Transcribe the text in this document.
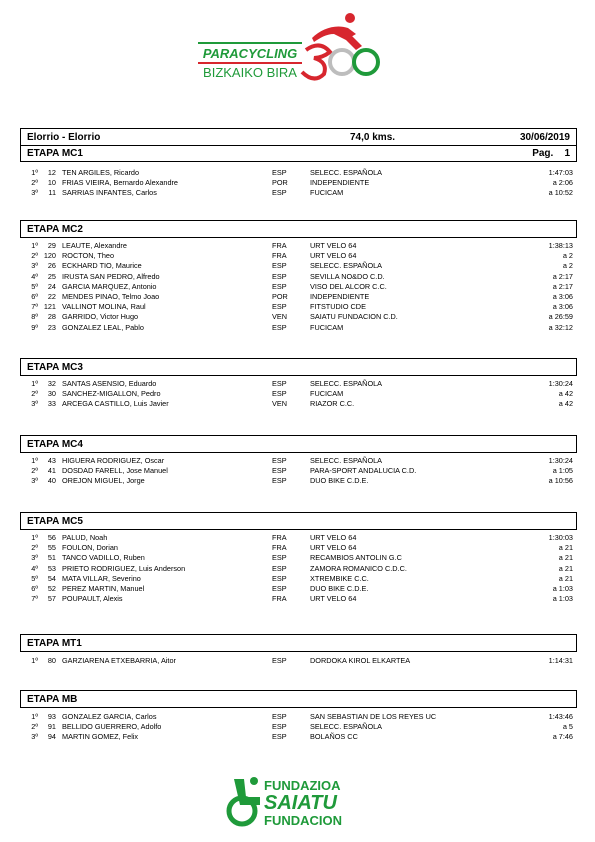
PARACYCLING
BIZKAIKO BIRA
Elorrio - Elorrio	74,0 kms.	30/06/2019
ETAPA MC1	Pag. 1
1º	12 TEN ARGILES, Ricardo	ESP	SELECC. ESPAÑOLA	1:47:03
2º	10 FRIAS VIEIRA, Bernardo Alexandre	POR	INDEPENDIENTE	a 2:06
3º	11 SARRIAS INFANTES, Carlos	ESP	FUCICAM	a 10:52
ETAPA MC2
1º	29 LEAUTE, Alexandre	FRA	URT VELO 64	1:38:13
2º 120 ROCTON, Theo	FRA	URT VELO 64	a 2
3º	26 ECKHARD TIO, Maurice	ESP	SELECC. ESPAÑOLA	a 2
4º	25 IRUSTA SAN PEDRO, Alfredo	ESP	SEVILLA NO&DO C.D.	a 2:17
5º	24 GARCIA MARQUEZ, Antonio	ESP	VISO DEL ALCOR C.C.	a 2:17
6º	22 MENDES PINAO, Telmo Joao	POR	INDEPENDIENTE	a 3:06
7º 121 VALLINOT MOLINA, Raul	ESP	FITSTUDIO CDE	a 3:06
8º	28 GARRIDO, Victor Hugo	VEN	SAIATU FUNDACION C.D.	a 26:59
9º	23 GONZALEZ LEAL, Pablo	ESP	FUCICAM	a 32:12
ETAPA MC3
1º	32 SANTAS ASENSIO, Eduardo	ESP	SELECC. ESPAÑOLA	1:30:24
2º	30 SANCHEZ-MIGALLON, Pedro	ESP	FUCICAM	a 42
3º	33 ARCEGA CASTILLO, Luis Javier	VEN	RIAZOR C.C.	a 42
ETAPA MC4
1º	43 HIGUERA RODRIGUEZ, Oscar	ESP	SELECC. ESPAÑOLA	1:30:24
2º	41 DOSDAD FARELL, Jose Manuel	ESP	PARA-SPORT ANDALUCIA C.D.	a 1:05
3º	40 OREJON MIGUEL, Jorge	ESP	DUO BIKE C.D.E.	a 10:56
ETAPA MC5
1º	56 PALUD, Noah	FRA	URT VELO 64	1:30:03
2º	55 FOULON, Dorian	FRA	URT VELO 64	a 21
3º	51 TANCO VADILLO, Ruben	ESP	RECAMBIOS ANTOLIN G.C	a 21
4º	53 PRIETO RODRIGUEZ, Luis Anderson	ESP	ZAMORA ROMANICO C.D.C.	a 21
5º	54 MATA VILLAR, Severino	ESP	XTREMBIKE C.C.	a 21
6º	52 PEREZ MARTIN, Manuel	ESP	DUO BIKE C.D.E.	a 1:03
7º	57 POUPAULT, Alexis	FRA	URT VELO 64	a 1:03
ETAPA MT1
1º	80 GARZIARENA ETXEBARRIA, Aitor	ESP	DORDOKA KIROL ELKARTEA	1:14:31
ETAPA MB
1º	93 GONZALEZ GARCIA, Carlos	ESP	SAN SEBASTIAN DE LOS REYES UC	1:43:46
2º	91 BELLIDO GUERRERO, Adolfo	ESP	SELECC. ESPAÑOLA	a 5
3º	94 MARTIN GOMEZ, Felix	ESP	BOLAÑOS CC	a 7:46
FUNDAZIOA
SAIATU
FUNDACION
